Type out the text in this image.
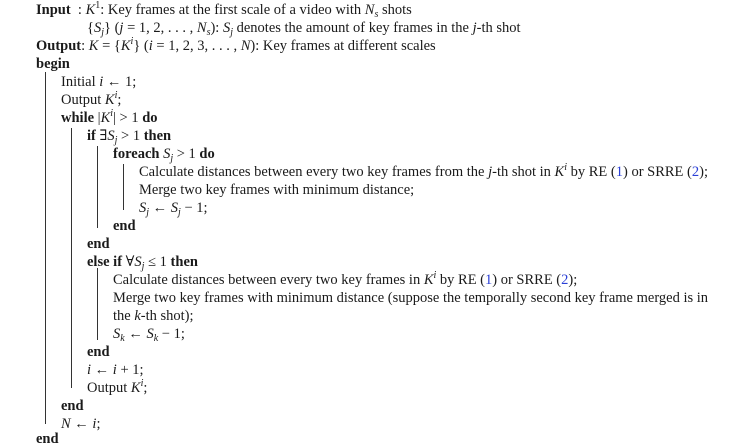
Input  : $K^1$: Key frames at the first scale of a video with $N_s$ shots
$\{S_j\} (j = 1$, 2, . . . , $N_s$): $S_j$ denotes the amount of key frames in the j-th shot
Output: $K = \{K^i\} (i = 1$, 2, 3, . . . , N): Key frames at different scales
begin
Initial i ← 1;
Output $K^i$;
while $|K^i| > 1$ do
if $\exists S_j > 1$ then
foreach $S_j > 1$ do
Calculate distances between every two key frames from the j-th shot in $K^i$ by RE (1) or SRRE (2);
Merge two key frames with minimum distance;
$S_j$ ← $S_j - 1$;
end
end
else if $\forall S_j \le 1$ then
Calculate distances between every two key frames in $K^i$ by RE (1) or SRRE (2);
Merge two key frames with minimum distance (suppose the temporally second key frame merged is in
the k-th shot);
$S_k$ ← $S_k - 1$;
end
i ← i + 1;
Output $K^i$;
end
N ← i;
end
